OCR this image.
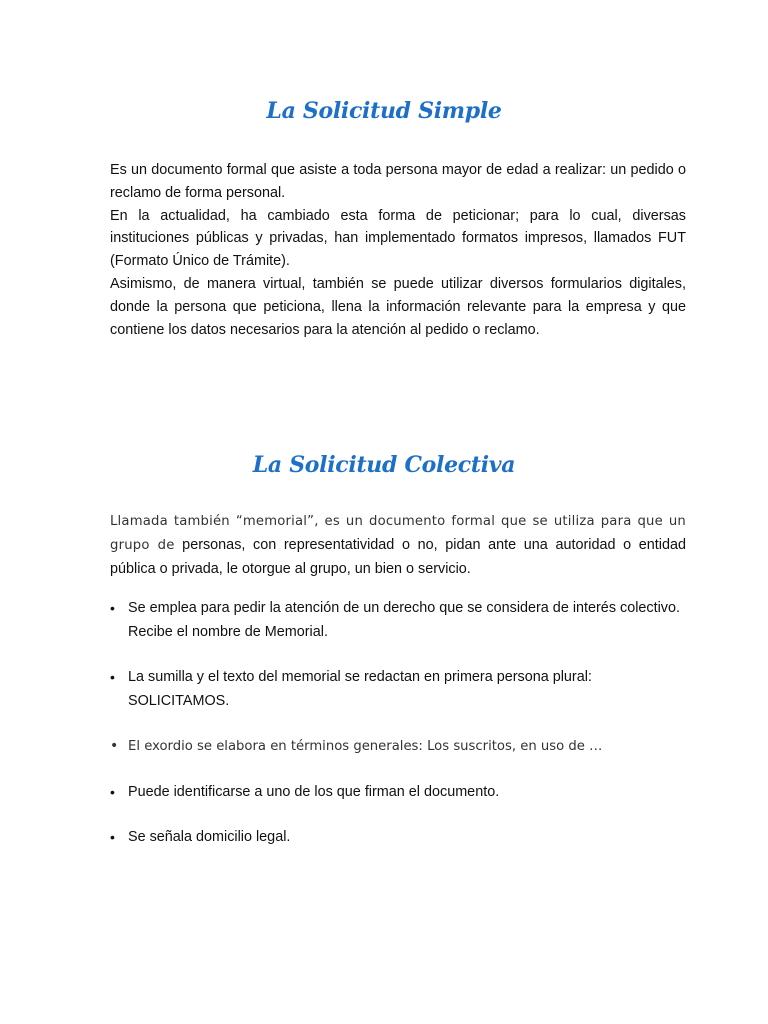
La Solicitud Simple

Es un documento formal que asiste a toda persona mayor de edad a realizar: un pedido o reclamo de forma personal.

En la actualidad, ha cambiado esta forma de peticionar; para lo cual, diversas instituciones públicas y privadas, han implementado formatos impresos, llamados FUT (Formato Único de Trámite).

Asimismo, de manera virtual, también se puede utilizar diversos formularios digitales, donde la persona que peticiona, llena la información relevante para la empresa y que contiene los datos necesarios para la atención al pedido o reclamo.

La Solicitud Colectiva

Llamada también “memorial”, es un documento formal que se utiliza para que un grupo de personas, con representatividad o no, pidan ante una autoridad o entidad pública o privada, le otorgue al grupo, un bien o servicio.

• Se emplea para pedir la atención de un derecho que se considera de interés colectivo. Recibe el nombre de Memorial.
• La sumilla y el texto del memorial se redactan en primera persona plural: SOLICITAMOS.
• El exordio se elabora en términos generales: Los suscritos, en uso de …
• Puede identificarse a uno de los que firman el documento.
• Se señala domicilio legal.
